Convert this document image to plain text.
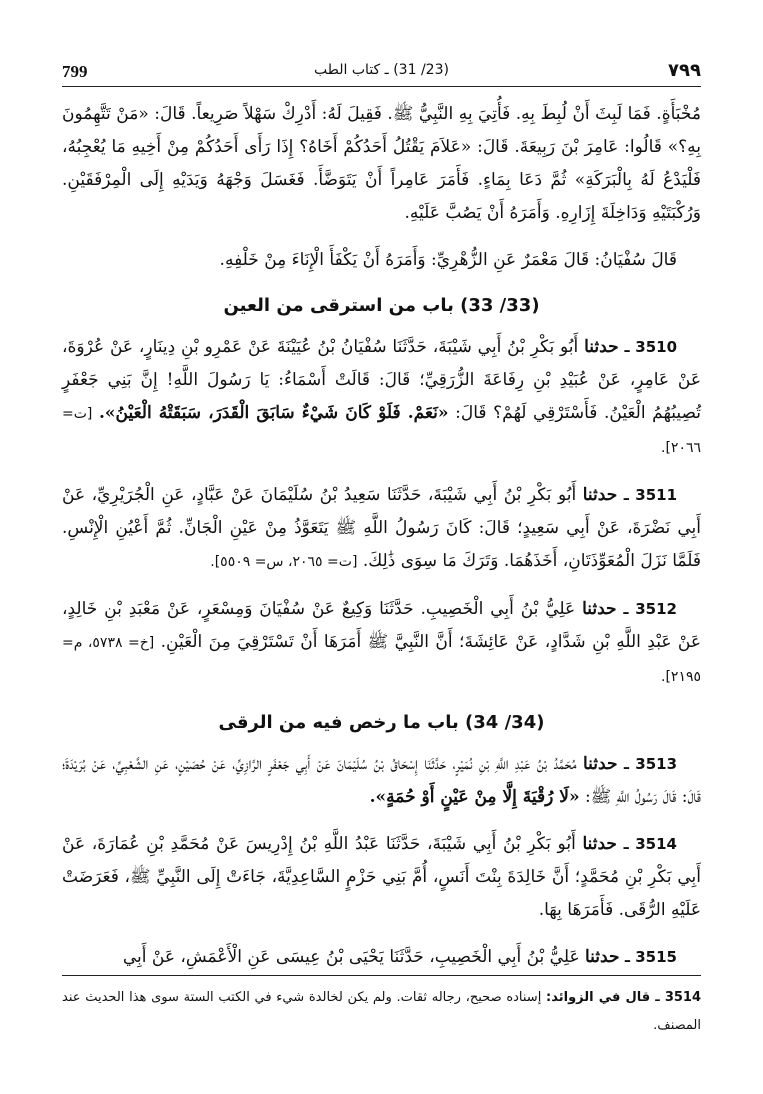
799	(23/ 31) ـ كتاب الطب	٧٩٩

مُخْبَأَةٍ. فَمَا لَبِثَ أَنْ لُبِطَ بِهِ. فَأُتِيَ بِهِ النَّبِيُّ ﷺ. فَقِيلَ لَهُ: أَدْرِكْ سَهْلاً صَرِيعاً. قَالَ: «مَنْ تَتَّهِمُونَ بِهِ؟» قَالُوا: عَامِرَ بْنَ رَبِيعَةَ. قَالَ: «عَلاَمَ يَقْتُلُ أَحَدُكُمْ أَخَاهُ؟ إِذَا رَأَى أَحَدُكُمْ مِنْ أَخِيهِ مَا يُعْجِبُهُ، فَلْيَدْعُ لَهُ بِالْبَرَكَةِ» ثُمَّ دَعَا بِمَاءٍ. فَأَمَرَ عَامِراً أَنْ يَتَوَضَّأَ. فَغَسَلَ وَجْهَهُ وَيَدَيْهِ إِلَى الْمِرْفَقَيْنِ. وَرُكْبَتَيْهِ وَدَاخِلَةَ إِزَارِهِ. وَأَمَرَهُ أَنْ يَصُبَّ عَلَيْهِ.

قَالَ سُفْيَانُ: قَالَ مَعْمَرٌ عَنِ الزُّهْرِيِّ: وَأَمَرَهُ أَنْ يَكْفَأَ الْإِنَاءَ مِنْ خَلْفِهِ.

(33/ 33) باب من استرقى من العين

3510 ـ حدثنا أَبُو بَكْرِ بْنُ أَبِي شَيْبَةَ، حَدَّثَنَا سُفْيَانُ بْنُ عُيَيْنَةَ عَنْ عَمْرِو بْنِ دِينَارٍ، عَنْ عُرْوَةَ، عَنْ عَامِرٍ، عَنْ عُبَيْدِ بْنِ رِفَاعَةَ الزُّرَقِيِّ؛ قَالَ: قَالَتْ أَسْمَاءُ: يَا رَسُولَ اللَّهِ! إِنَّ بَنِي جَعْفَرٍ تُصِيبُهُمُ الْعَيْنُ. فَأَسْتَرْقِي لَهُمْ؟ قَالَ: «نَعَمْ. فَلَوْ كَانَ شَيْءٌ سَابَقَ الْقَدَرَ، سَبَقَتْهُ الْعَيْنُ». [ت= ٢٠٦٦].

3511 ـ حدثنا أَبُو بَكْرِ بْنُ أَبِي شَيْبَةَ، حَدَّثَنَا سَعِيدُ بْنُ سُلَيْمَانَ عَنْ عَبَّادٍ، عَنِ الْجُرَيْرِيِّ، عَنْ أَبِي نَضْرَةَ، عَنْ أَبِي سَعِيدٍ؛ قَالَ: كَانَ رَسُولُ اللَّهِ ﷺ يَتَعَوَّذُ مِنْ عَيْنِ الْجَانِّ. ثُمَّ أَعْيُنِ الْإِنْسِ. فَلَمَّا نَزَلَ الْمُعَوِّذَتَانِ، أَخَذَهُمَا. وَتَرَكَ مَا سِوَى ذَٰلِكَ. [ت= ٢٠٦٥، س= ٥٥٠٩].

3512 ـ حدثنا عَلِيُّ بْنُ أَبِي الْخَصِيبِ. حَدَّثَنَا وَكِيعٌ عَنْ سُفْيَانَ وَمِسْعَرٍ، عَنْ مَعْبَدِ بْنِ خَالِدٍ، عَنْ عَبْدِ اللَّهِ بْنِ شَدَّادٍ، عَنْ عَائِشَةَ؛ أَنَّ النَّبِيَّ ﷺ أَمَرَهَا أَنْ تَسْتَرْقِيَ مِنَ الْعَيْنِ. [خ= ٥٧٣٨، م= ٢١٩٥].

(34/ 34) باب ما رخص فيه من الرقى

3513 ـ حدثنا مُحَمَّدُ بْنُ عَبْدِ اللَّهِ بْنِ نُمَيْرٍ، حَدَّثَنَا إِسْحَاقُ بْنُ سُلَيْمَانَ عَنْ أَبِي جَعْفَرٍ الرَّازِيِّ، عَنْ حُصَيْنٍ، عَنِ الشَّعْبِيِّ، عَنْ بُرَيْدَةَ؛ قَالَ: قَالَ رَسُولُ اللَّهِ ﷺ: «لَا رُقْيَةَ إِلَّا مِنْ عَيْنٍ أَوْ حُمَةٍ».

3514 ـ حدثنا أَبُو بَكْرِ بْنُ أَبِي شَيْبَةَ، حَدَّثَنَا عَبْدُ اللَّهِ بْنُ إِدْرِيسَ عَنْ مُحَمَّدِ بْنِ عُمَارَةَ، عَنْ أَبِي بَكْرِ بْنِ مُحَمَّدٍ؛ أَنَّ خَالِدَةَ بِنْتَ أَنَسٍ، أُمَّ بَنِي حَزْمٍ السَّاعِدِيَّةَ، جَاءَتْ إِلَى النَّبِيِّ ﷺ، فَعَرَضَتْ عَلَيْهِ الرُّقَى. فَأَمَرَهَا بِهَا.

3515 ـ حدثنا عَلِيُّ بْنُ أَبِي الْخَصِيبِ، حَدَّثَنَا يَحْيَى بْنُ عِيسَى عَنِ الْأَعْمَشِ، عَنْ أَبِي

3514 ـ قال في الزوائد: إسناده صحيح، رجاله ثقات. ولم يكن لخالدة شيء في الكتب الستة سوى هذا الحديث عند المصنف.
